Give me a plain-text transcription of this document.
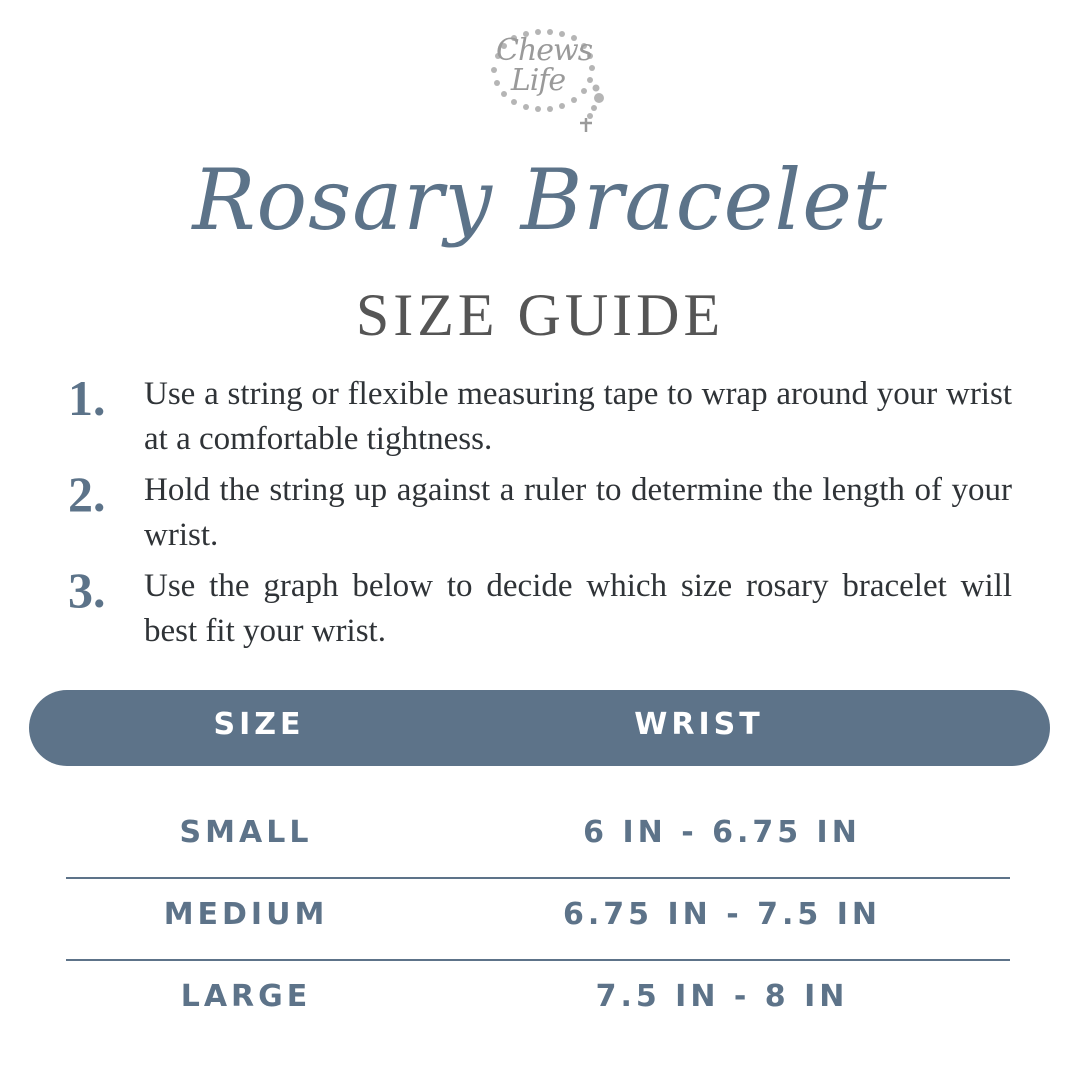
Chews
Life
Rosary Bracelet
SIZE GUIDE
1. Use a string or flexible measuring tape to wrap around your wrist at a comfortable tightness.
2. Hold the string up against a ruler to determine the length of your wrist.
3. Use the graph below to decide which size rosary bracelet will best fit your wrist.
SIZE	WRIST MEASURMENT
SMALL	6 IN - 6.75 IN
MEDIUM	6.75 IN - 7.5 IN
LARGE	7.5 IN - 8 IN
